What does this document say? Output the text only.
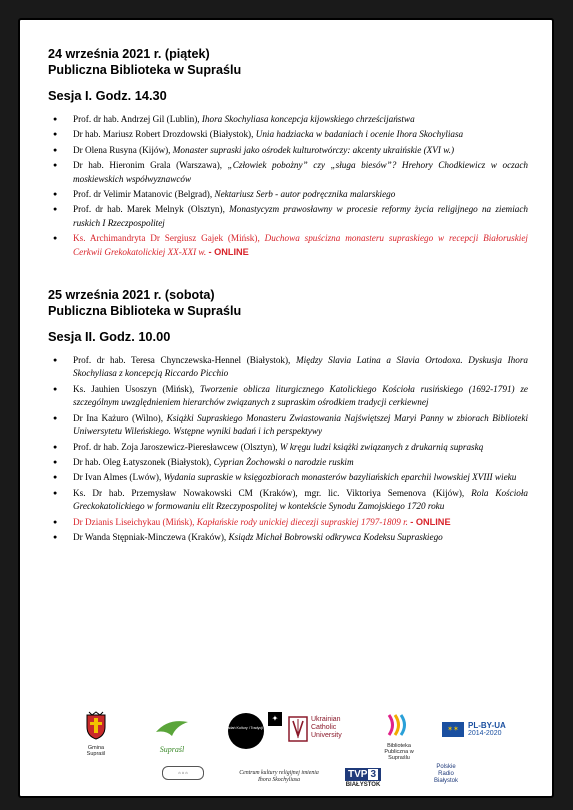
24 września 2021 r. (piątek)
Publiczna Biblioteka w Supraślu
Sesja I. Godz. 14.30
● Prof. dr hab. Andrzej Gil (Lublin), Ihora Skochyliasa koncepcja kijowskiego chrześcijaństwa
● Dr hab. Mariusz Robert Drozdowski (Białystok), Unia hadziacka w badaniach i ocenie Ihora Skochyliasa
● Dr Olena Rusyna (Kijów), Monaster supraski jako ośrodek kulturotwórczy: akcenty ukraińskie (XVI w.)
● Dr hab. Hieronim Grala (Warszawa), „Człowiek pobożny” czy „sługa biesów”? Hrehory Chodkiewicz w oczach moskiewskich współwyznawców
● Prof. dr Velimir Matanovic (Belgrad), Nektariusz Serb - autor podręcznika malarskiego
● Prof. dr hab. Marek Melnyk (Olsztyn), Monastycyzm prawosławny w procesie reformy życia religijnego na ziemiach ruskich I Rzeczpospolitej
● Ks. Archimandryta Dr Sergiusz Gajek (Mińsk), Duchowa spuścizna monasteru supraskiego w recepcji Białoruskiej Cerkwii Grekokatolickiej XX-XXI w. - ONLINE
25 września 2021 r. (sobota)
Publiczna Biblioteka w Supraślu
Sesja II. Godz. 10.00
● Prof. dr hab. Teresa Chynczewska-Hennel (Białystok), Między Slavia Latina a Slavia Ortodoxa. Dyskusja Ihora Skochyliasa z koncepcją Riccardo Picchio
● Ks. Jauhien Usoszyn (Mińsk), Tworzenie oblicza liturgicznego Katolickiego Kościoła rusińskiego (1692-1791) ze szczególnym uwzględnieniem hierarchów związanych z supraskim ośrodkiem tradycji cerkiewnej
● Dr Ina Każuro (Wilno), Książki Supraskiego Monasteru Zwiastowania Najświętszej Maryi Panny w zbiorach Biblioteki Uniwersytetu Wileńskiego. Wstępne wyniki badań i ich perspektywy
● Prof. dr hab. Zoja Jaroszewicz-Pieresławcew (Olsztyn), W kręgu ludzi książki związanych z drukarnią supraską
● Dr hab. Oleg Łatyszonek (Białystok), Cyprian Żochowski o narodzie ruskim
● Dr Ivan Almes (Lwów), Wydania supraskie w księgozbiorach monasterów bazyliańskich eparchii lwowskiej XVIII wieku
● Ks. Dr hab. Przemysław Nowakowski CM (Kraków), mgr. lic. Viktoriya Semenova (Kijów), Rola Kościoła Greckokatolickiego w formowaniu elit Rzeczypospolitej w kontekście Synodu Zamojskiego 1720 roku
● Dr Dzianis Liseichykau (Mińsk), Kapłańskie rody unickiej diecezji supraskiej 1797-1809 r. - ONLINE
● Dr Wanda Stępniak-Minczewa (Kraków), Ksiądz Michał Bobrowski odkrywca Kodeksu Supraskiego
Gmina Supraśl	Supraśl
Centrum Badań Kultury i Tradycji w Supraślu
✦	Ukrainian
Catholic
University
Biblioteka Publiczna w Supraślu
✶✶	PL-BY-UA
2014-2020
⌂ ⌂ ⌂	Centrum kultury religijnej imienia Ihora Skochyliasa	TVP 3
BIAŁYSTOK
Polskie
Radio
Białystok
